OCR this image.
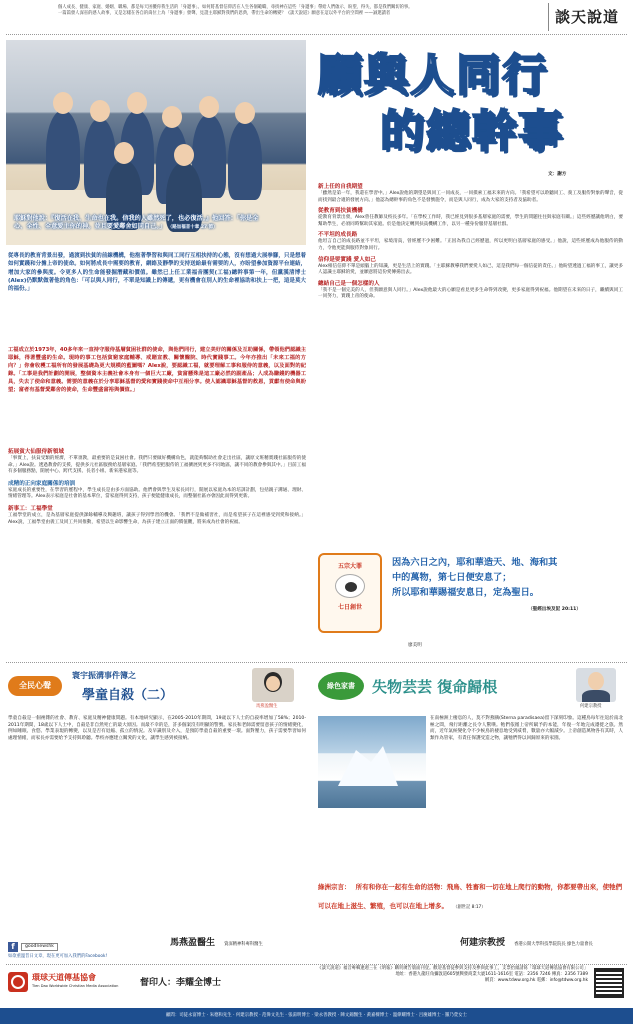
個人成長、健康、家庭、婚姻、職場、都是每天困擾你我生活的「身邊事」。如何將基督信仰活在人生各個範疇，尋找神在這些「身邊事」帶給人們啟示、盼望、得失，都是我們關切的事。
一篇篇發人深省的感人故事，又是怎樣在各自的崗位上為「身邊事」發聲，見證主耶穌對我們的恩典，帶出生命的轉變？《談天說道》願意在這以外平台的空間裡 ——誠邀讀者	談天說道
耶穌對他說：『復活在我，生命也在我。信我的人雖然死了，也必復活。』他回答：「你是全心、全性、全意愛主你的神。並且要愛鄰舍如同自己。」 （路加福音十章 27 節）
願與人同行
的總幹事
文：謝方
新上任的自我期望
「雖然是第一年，我還在學習中。」Alex說他的期望是與同工一同成長，一同摸索工福未來的方向。「我希望可以聆聽同工、義工及服侍對象的聲音，從而找到最合適的發展方向。」他認為總幹事的角色不是發號施令，而是與人同行，成為大家的支持者及協助者。
從教育到扶貧機構
從教育背景出發，Alex曾任教師及校長多年。「在學校工作時，我已經見到很多基層家庭的需要，學生的問題往往與家庭有關。」這些經歷讓他明白，要幫助學生，必須同時幫助其家庭。於是他決定轉到扶貧機構工作，以另一種身份服侍基層社群。
不平坦的成長路
他坦言自己的成長路並不平坦，家境清貧，曾經歷不少困難。「正因為我自己經歷過，所以更明白基層家庭的感受。」他說，這些經歷成為他服侍的動力，令他更能與服侍對象同行。
信仰是要實踐 愛人如己
Alex相信信仰不單是頭腦上的知識，更是生活上的實踐。「主耶穌教導我們要愛人如己，這是我們每一個信徒的責任。」他盼望透過工福的事工，讓更多人認識主耶穌的愛，並願意將這份愛傳揚出去。
總結自己是一個怎樣的人
「我不是一個完美的人，但我願意與人同行。」Alex說他最大的心願是看見更多生命得到改變，更多家庭得到祝福。他期望在未來的日子，繼續與同工一同努力，實踐上帝的使命。
從專長的教育背景出發，過渡到扶貧的前線機構，他抱著學習和與同工同行互相扶持的心態，沒有想過大展拳腳，只是想着如何實踐和分擔上帝的使命。如何將成長中需要的教育，網絡及靜學的支持送給最有需要的人，亦盼望參加資源平台連結，增加大家的參與度。令更多人的生命能發掘潛藏和價值。雖然已上任工業福音團契(工福)總幹事第一年，但黨漢清博士(Alex)仍默默做著他的角色：「可以與人同行，不單是知識上的傳遞，更有機會在別人的生命裡協助和扶上一把，這是莫大的福份。」
工福成立於1973年，40多年來一直持守服侍基層貧困社群的使命，與他們同行，建立美好的關係及互助關係，帶領他們認識主耶穌，得著豐盛的生命。現時的事工包括貧窮家庭輔導、戒賭宣教、關懷醫院、時代實踐事工。今年亦推出「未來工福的方向？」你會收穫工福所有的發展基礎為更大規模的藍圖嗎？Alex說，要認識工福，就要理解工事和服侍的意義，以及面對的紀錄。「工事是我們計劃的開展，整個資本主義社會本身有一個巨大工廠，貧富懸殊是這工廠必然的副產品；人成為賺錢的機器工具，失去了使命和意義。需要的意義在於分享耶穌基督的愛和實踐使命中互相分享。使人認識耶穌基督的救恩，貢獻有使命與盼望；富者有基督愛鄰舍的使命，生命豐盛富裕與價值。」
拓展貧大仙服侍新領域
「事實上，扶貧受類的經濟，不單須教，最重要的是貧困社會。我們只要做好機構角色，就能夠幫助社會走出社區，讓原文班精實踐社區服侍的使命。」Alex說。透過教會的支援，提供多元社區服務給基層家庭。「我們希望把服侍的工福擴展到更多不同地區，讓不同的教會參與其中。」目前工福有多個服務點，開展中心、跨代支援、長者小組、新來港家庭等。
成精的正向家庭關係的培訓
家庭成長的重要性，在學習的歷程中，學生成長是由多方面協助。他們會與學生及家長同行，開展以家庭為本的培訓計劃，包括親子溝通、理財、情緒管理等。Alex表示家庭是社會的基本單位，當家庭得到支持，孩子便能健康成長，而整個社區亦會因此而得到更新。
新事工：工福學堂
工福學堂的成立，是為基層家庭提供課餘輔導及興趣班，讓孩子得到學習的機會。「我們不是做補習社，而是希望孩子在這裡感受到愛和接納。」Alex說，工福學堂由義工及同工共同推動，希望以生命影響生命，為孩子建立正面的價值觀，將來成為社會的祝福。
五宗大罪
七日創世
因為六日之內，耶和華造天、地、海和其
中的萬物，第七日便安息了；
所以耶和華賜福安息日，定為聖日。
（聖經出埃及記 20:11）
廖美明
全民心聲
寰宇振溝事件簿之
學童自殺（二）
馬燕盈醫生
學童自殺是一個複雜的社會、教育、家庭及精神健康問題。有本地研究顯示，在2005-2010年期間，19歲以下人士的自殺率增加了58%；2010-2011年期間，18歲以下人士中，自殺是非自然死亡的最大原因。而最不幸的是，許多個案沒有明顯的警號。家長和老師需要留意孩子的情緒變化，例如睡眠、食慾、學業表現的轉變，以及是否有退縮、孤立的情況。及早識別及介入，是預防學童自殺的重要一環。面對壓力，孩子需要學習如何處理情緒，而家長亦需要給予支持與聆聽。學校亦應建立關愛的文化，讓學生感到被接納。
馬燕盈醫生 資深精神科專科醫生
綠色家書	失物芸芸 復命歸根
何建宗教授
在南極洲上棲息的人，莫不對燕鷗(Sterna paradisaea)留下深刻印象。這種鳥每年往返於南北極之間，飛行距離之長令人驚嘆。牠們依循上帝所賦予的本能，年復一年地完成遷徙之旅。然而，近年氣候變化令不少候鳥的棲息地受到威脅，數量亦大幅減少。上帝創造萬物各有其時，人類作為管家，有責任保護受造之物，讓牠們得以回歸原來的家園。
綠洲宗言： 所有和你在一起有生命的活物：飛鳥、牲畜和一切在地上爬行的動物，你都要帶出來，使牠們可以在地上滋生、繁殖，也可以在地上增多。 （創世記 8:17）
何建宗教授 香港公開大學科技學院院長 綠色力量會長
f	goodnewshk
如欲重溫昔日文章，現在更可加入我們的Facebook!
環球天道傳基協會
Tien Dao Worldwide Christian Media Association 督印人：李耀全博士
《談天說道》福音專輯逢週三在《明報》購買廣告版面刊登。歡迎基督徒參與支持及參與此事工，支票抬頭請寫「環球天道傳基協會有限公司」
地址：香港九龍旺角彌敦道605號興發商業大廈1611-1616室 電話：2356 7246 傳真：2356 7389
網頁：www.tdww.org.hk 電郵：info@tdww.org.hk
顧問：司徒永富博士 · 朱德和先生 · 何建宗教授 · 范偉文先生 · 張湯明博士 · 梁永善教授 · 陳文錦醫生 · 黃嘉樑博士 · 溫偉耀博士 · 呂慶雄博士 · 羅乃萱女士
